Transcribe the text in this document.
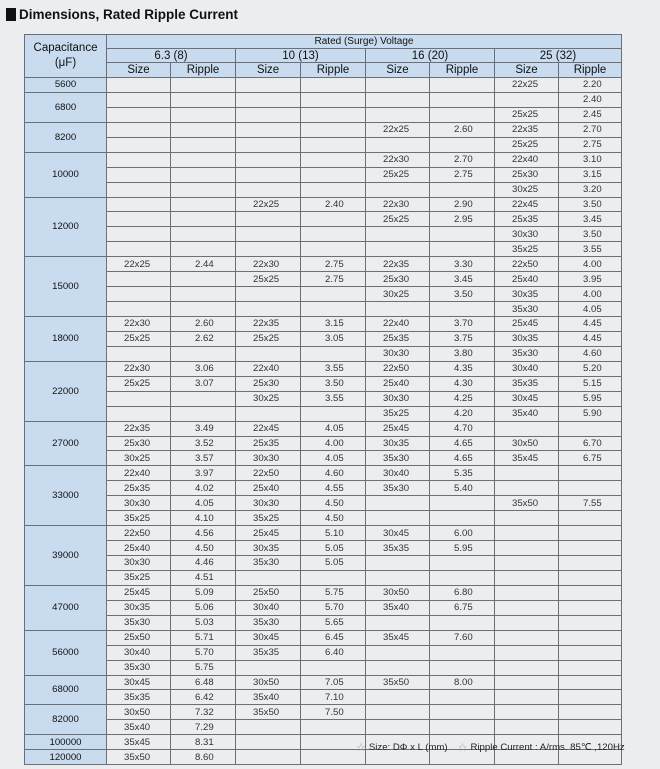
Dimensions, Rated Ripple Current
Capacitance
(μF)	Rated (Surge) Voltage							
	6.3 (8)		10 (13)		16 (20)		25 (32)	
	Size	Ripple	Size	Ripple	Size	Ripple	Size	Ripple
5600							22x25	2.20
6800								2.40
							25x25	2.45
8200					22x25	2.60	22x35	2.70
							25x25	2.75
10000					22x30	2.70	22x40	3.10
					25x25	2.75	25x30	3.15
							30x25	3.20
12000			22x25	2.40	22x30	2.90	22x45	3.50
					25x25	2.95	25x35	3.45
							30x30	3.50
							35x25	3.55
15000	22x25	2.44	22x30	2.75	22x35	3.30	22x50	4.00
			25x25	2.75	25x30	3.45	25x40	3.95
					30x25	3.50	30x35	4.00
							35x30	4.05
18000	22x30	2.60	22x35	3.15	22x40	3.70	25x45	4.45
	25x25	2.62	25x25	3.05	25x35	3.75	30x35	4.45
					30x30	3.80	35x30	4.60
22000	22x30	3.06	22x40	3.55	22x50	4.35	30x40	5.20
	25x25	3.07	25x30	3.50	25x40	4.30	35x35	5.15
			30x25	3.55	30x30	4.25	30x45	5.95
					35x25	4.20	35x40	5.90
27000	22x35	3.49	22x45	4.05	25x45	4.70		
	25x30	3.52	25x35	4.00	30x35	4.65	30x50	6.70
	30x25	3.57	30x30	4.05	35x30	4.65	35x45	6.75
33000	22x40	3.97	22x50	4.60	30x40	5.35		
	25x35	4.02	25x40	4.55	35x30	5.40		
	30x30	4.05	30x30	4.50			35x50	7.55
	35x25	4.10	35x25	4.50				
39000	22x50	4.56	25x45	5.10	30x45	6.00		
	25x40	4.50	30x35	5.05	35x35	5.95		
	30x30	4.46	35x30	5.05				
	35x25	4.51						
47000	25x45	5.09	25x50	5.75	30x50	6.80		
	30x35	5.06	30x40	5.70	35x40	6.75		
	35x30	5.03	35x30	5.65				
56000	25x50	5.71	30x45	6.45	35x45	7.60		
	30x40	5.70	35x35	6.40				
	35x30	5.75						
68000	30x45	6.48	30x50	7.05	35x50	8.00		
	35x35	6.42	35x40	7.10				
82000	30x50	7.32	35x50	7.50				
	35x40	7.29						
100000	35x45	8.31						
120000	35x50	8.60						
☆ Size: DΦ x L (mm) ☆ Ripple Current : A/rms. 85℃ ,120Hz
